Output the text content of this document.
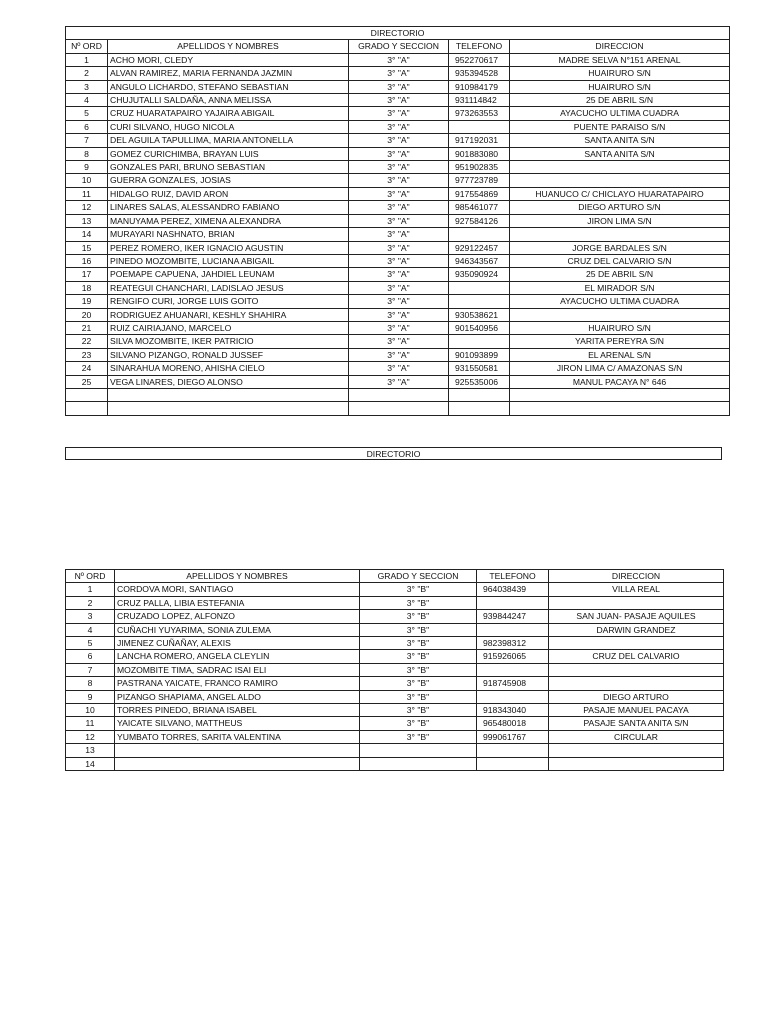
DIRECTORIO				
Nº ORD	APELLIDOS Y NOMBRES	GRADO Y SECCION	TELEFONO	DIRECCION
1	ACHO MORI, CLEDY	3° "A"	952270617	MADRE SELVA N°151 ARENAL
2	ALVAN RAMIREZ, MARIA FERNANDA JAZMIN	3° "A"	935394528	HUAIRURO S/N
3	ANGULO LICHARDO, STEFANO SEBASTIAN	3° "A"	910984179	HUAIRURO S/N
4	CHUJUTALLI SALDAÑA, ANNA MELISSA	3° "A"	931114842	25 DE ABRIL S/N
5	CRUZ HUARATAPAIRO YAJAIRA ABIGAIL	3° "A"	973263553	AYACUCHO ULTIMA CUADRA
6	CURI SILVANO, HUGO NICOLA	3° "A"		PUENTE PARAISO S/N
7	DEL AGUILA TAPULLIMA, MARIA ANTONELLA	3° "A"	917192031	SANTA ANITA S/N
8	GOMEZ CURICHIMBA, BRAYAN LUIS	3° "A"	901883080	SANTA ANITA S/N
9	GONZALES PARI, BRUNO SEBASTIAN	3° "A"	951902835	
10	GUERRA GONZALES, JOSIAS	3° "A"	977723789	
11	HIDALGO RUIZ, DAVID ARON	3° "A"	917554869	HUANUCO C/ CHICLAYO HUARATAPAIRO
12	LINARES SALAS, ALESSANDRO FABIANO	3° "A"	985461077	DIEGO ARTURO S/N
13	MANUYAMA PEREZ, XIMENA ALEXANDRA	3° "A"	927584126	JIRON LIMA S/N
14	MURAYARI NASHNATO, BRIAN	3° "A"		
15	PEREZ ROMERO, IKER IGNACIO AGUSTIN	3° "A"	929122457	JORGE BARDALES S/N
16	PINEDO MOZOMBITE, LUCIANA ABIGAIL	3° "A"	946343567	CRUZ DEL CALVARIO S/N
17	POEMAPE CAPUENA, JAHDIEL LEUNAM	3° "A"	935090924	25 DE ABRIL S/N
18	REATEGUI CHANCHARI, LADISLAO JESUS	3° "A"		EL MIRADOR S/N
19	RENGIFO CURI, JORGE LUIS GOITO	3° "A"		AYACUCHO ULTIMA CUADRA
20	RODRIGUEZ AHUANARI, KESHLY SHAHIRA	3° "A"	930538621	
21	RUIZ CAIRIAJANO, MARCELO	3° "A"	901540956	HUAIRURO S/N
22	SILVA MOZOMBITE, IKER PATRICIO	3° "A"		YARITA PEREYRA S/N
23	SILVANO PIZANGO, RONALD JUSSEF	3° "A"	901093899	EL ARENAL S/N
24	SINARAHUA MORENO, AHISHA CIELO	3° "A"	931550581	JIRON LIMA C/ AMAZONAS S/N
25	VEGA LINARES, DIEGO ALONSO	3° "A"	925535006	MANUL PACAYA N° 646

DIRECTORIO
Nº ORD	APELLIDOS Y NOMBRES	GRADO Y SECCION	TELEFONO	DIRECCION
1	CORDOVA MORI, SANTIAGO	3° "B"	964038439	VILLA REAL
2	CRUZ PALLA, LIBIA ESTEFANIA	3° "B"		
3	CRUZADO LOPEZ, ALFONZO	3° "B"	939844247	SAN JUAN- PASAJE AQUILES
4	CUÑACHI YUYARIMA, SONIA ZULEMA	3° "B"		DARWIN GRANDEZ
5	JIMENEZ CUÑAÑAY, ALEXIS	3° "B"	982398312	
6	LANCHA ROMERO, ANGELA CLEYLIN	3° "B"	915926065	CRUZ DEL CALVARIO
7	MOZOMBITE TIMA, SADRAC ISAI ELI	3° "B"		
8	PASTRANA YAICATE, FRANCO RAMIRO	3° "B"	918745908	
9	PIZANGO SHAPIAMA, ANGEL ALDO	3° "B"		DIEGO ARTURO
10	TORRES PINEDO, BRIANA ISABEL	3° "B"	918343040	PASAJE MANUEL PACAYA
11	YAICATE SILVANO, MATTHEUS	3° "B"	965480018	PASAJE SANTA ANITA S/N
12	YUMBATO TORRES, SARITA VALENTINA	3° "B"	999061767	CIRCULAR
13				
14				
